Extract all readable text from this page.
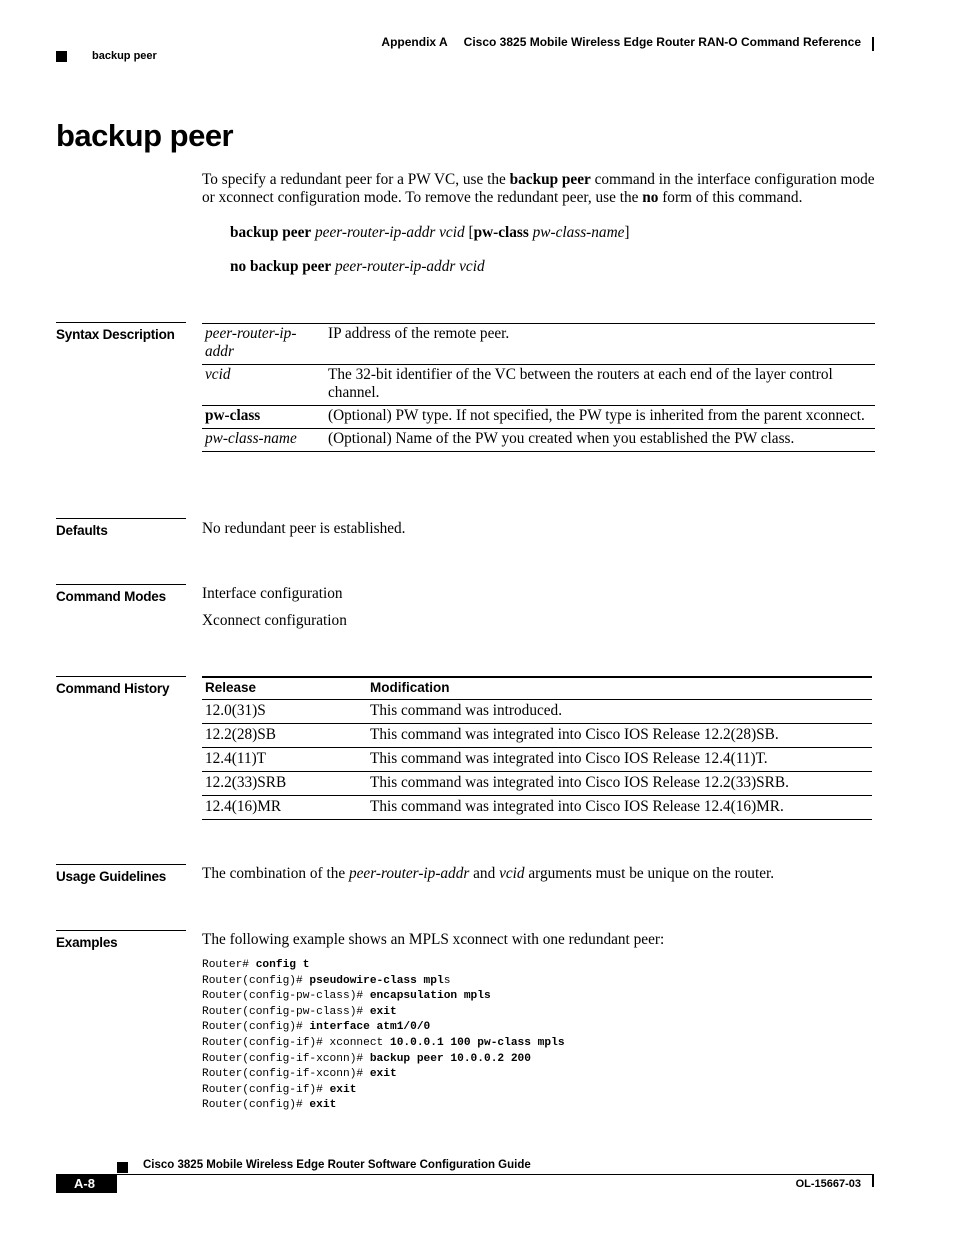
Appendix A Cisco 3825 Mobile Wireless Edge Router RAN-O Command Reference
backup peer
backup peer

To specify a redundant peer for a PW VC, use the backup peer command in the interface configuration mode or xconnect configuration mode. To remove the redundant peer, use the no form of this command.

backup peer peer-router-ip-addr vcid [pw-class pw-class-name]
no backup peer peer-router-ip-addr vcid
Syntax Description	peer-router-ip-
addr	IP address of the remote peer.
vcid	The 32-bit identifier of the VC between the routers at each end of the layer control channel.
pw-class	(Optional) PW type. If not specified, the PW type is inherited from the parent xconnect.
pw-class-name	(Optional) Name of the PW you created when you established the PW class.
Defaults	No redundant peer is established.
Command Modes	Interface configuration
Xconnect configuration
Command History	Release	Modification
12.0(31)S	This command was introduced.
12.2(28)SB	This command was integrated into Cisco IOS Release 12.2(28)SB.
12.4(11)T	This command was integrated into Cisco IOS Release 12.4(11)T.
12.2(33)SRB	This command was integrated into Cisco IOS Release 12.2(33)SRB.
12.4(16)MR	This command was integrated into Cisco IOS Release 12.4(16)MR.
Usage Guidelines	The combination of the peer-router-ip-addr and vcid arguments must be unique on the router.
Examples	The following example shows an MPLS xconnect with one redundant peer:
Router# config t
Router(config)# pseudowire-class mpls
Router(config-pw-class)# encapsulation mpls
Router(config-pw-class)# exit
Router(config)# interface atm1/0/0
Router(config-if)# xconnect 10.0.0.1 100 pw-class mpls
Router(config-if-xconn)# backup peer 10.0.0.2 200
Router(config-if-xconn)# exit
Router(config-if)# exit
Router(config)# exit
Cisco 3825 Mobile Wireless Edge Router Software Configuration Guide
A-8	OL-15667-03
